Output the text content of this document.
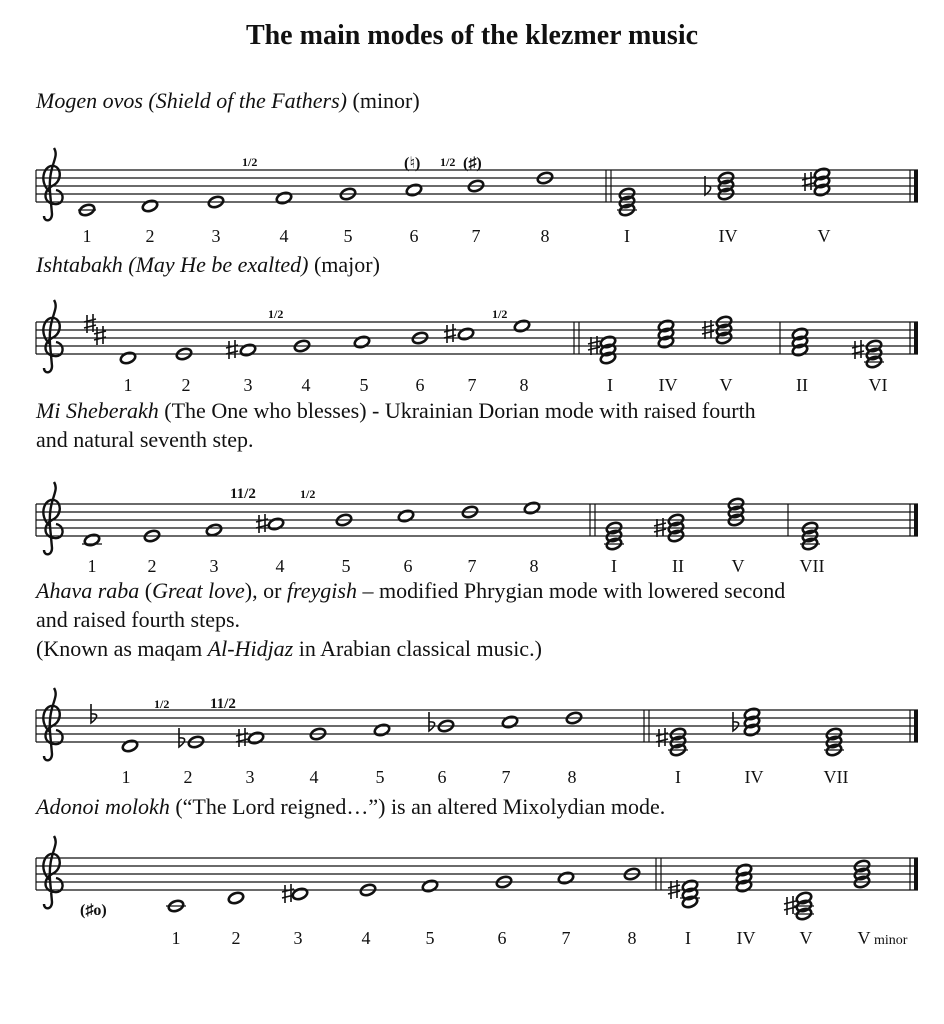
The main modes of the klezmer music
Mogen ovos (Shield of the Fathers) (minor)
Ishtabakh (May He be exalted) (major)
Mi Sheberakh (The One who blesses) - Ukrainian Dorian mode with raised fourth
and natural seventh step.
Ahava raba (Great love), or freygish – modified Phrygian mode with lowered second
and raised fourth steps.
(Known as maqam Al-Hidjaz in Arabian classical music.)
Adonoi molokh (“The Lord reigned…”) is an altered Mixolydian mode.
1/2	1/2
(♮)	(♯)
1	2	3	4	5	6	7	8	I	IV	V
1/2	1/2
1	2	3	4	5	6 7 8	I	IV V	II	VI
11/2	1/2
1	2	3	4	5	6	7	8	I	II	V	VII
1/2	11/2
1	2	3	4	5	6	7	8	I	IV	VII
(♯o)
1	2	3	4	5	6	7	8	I	IV V	V minor
